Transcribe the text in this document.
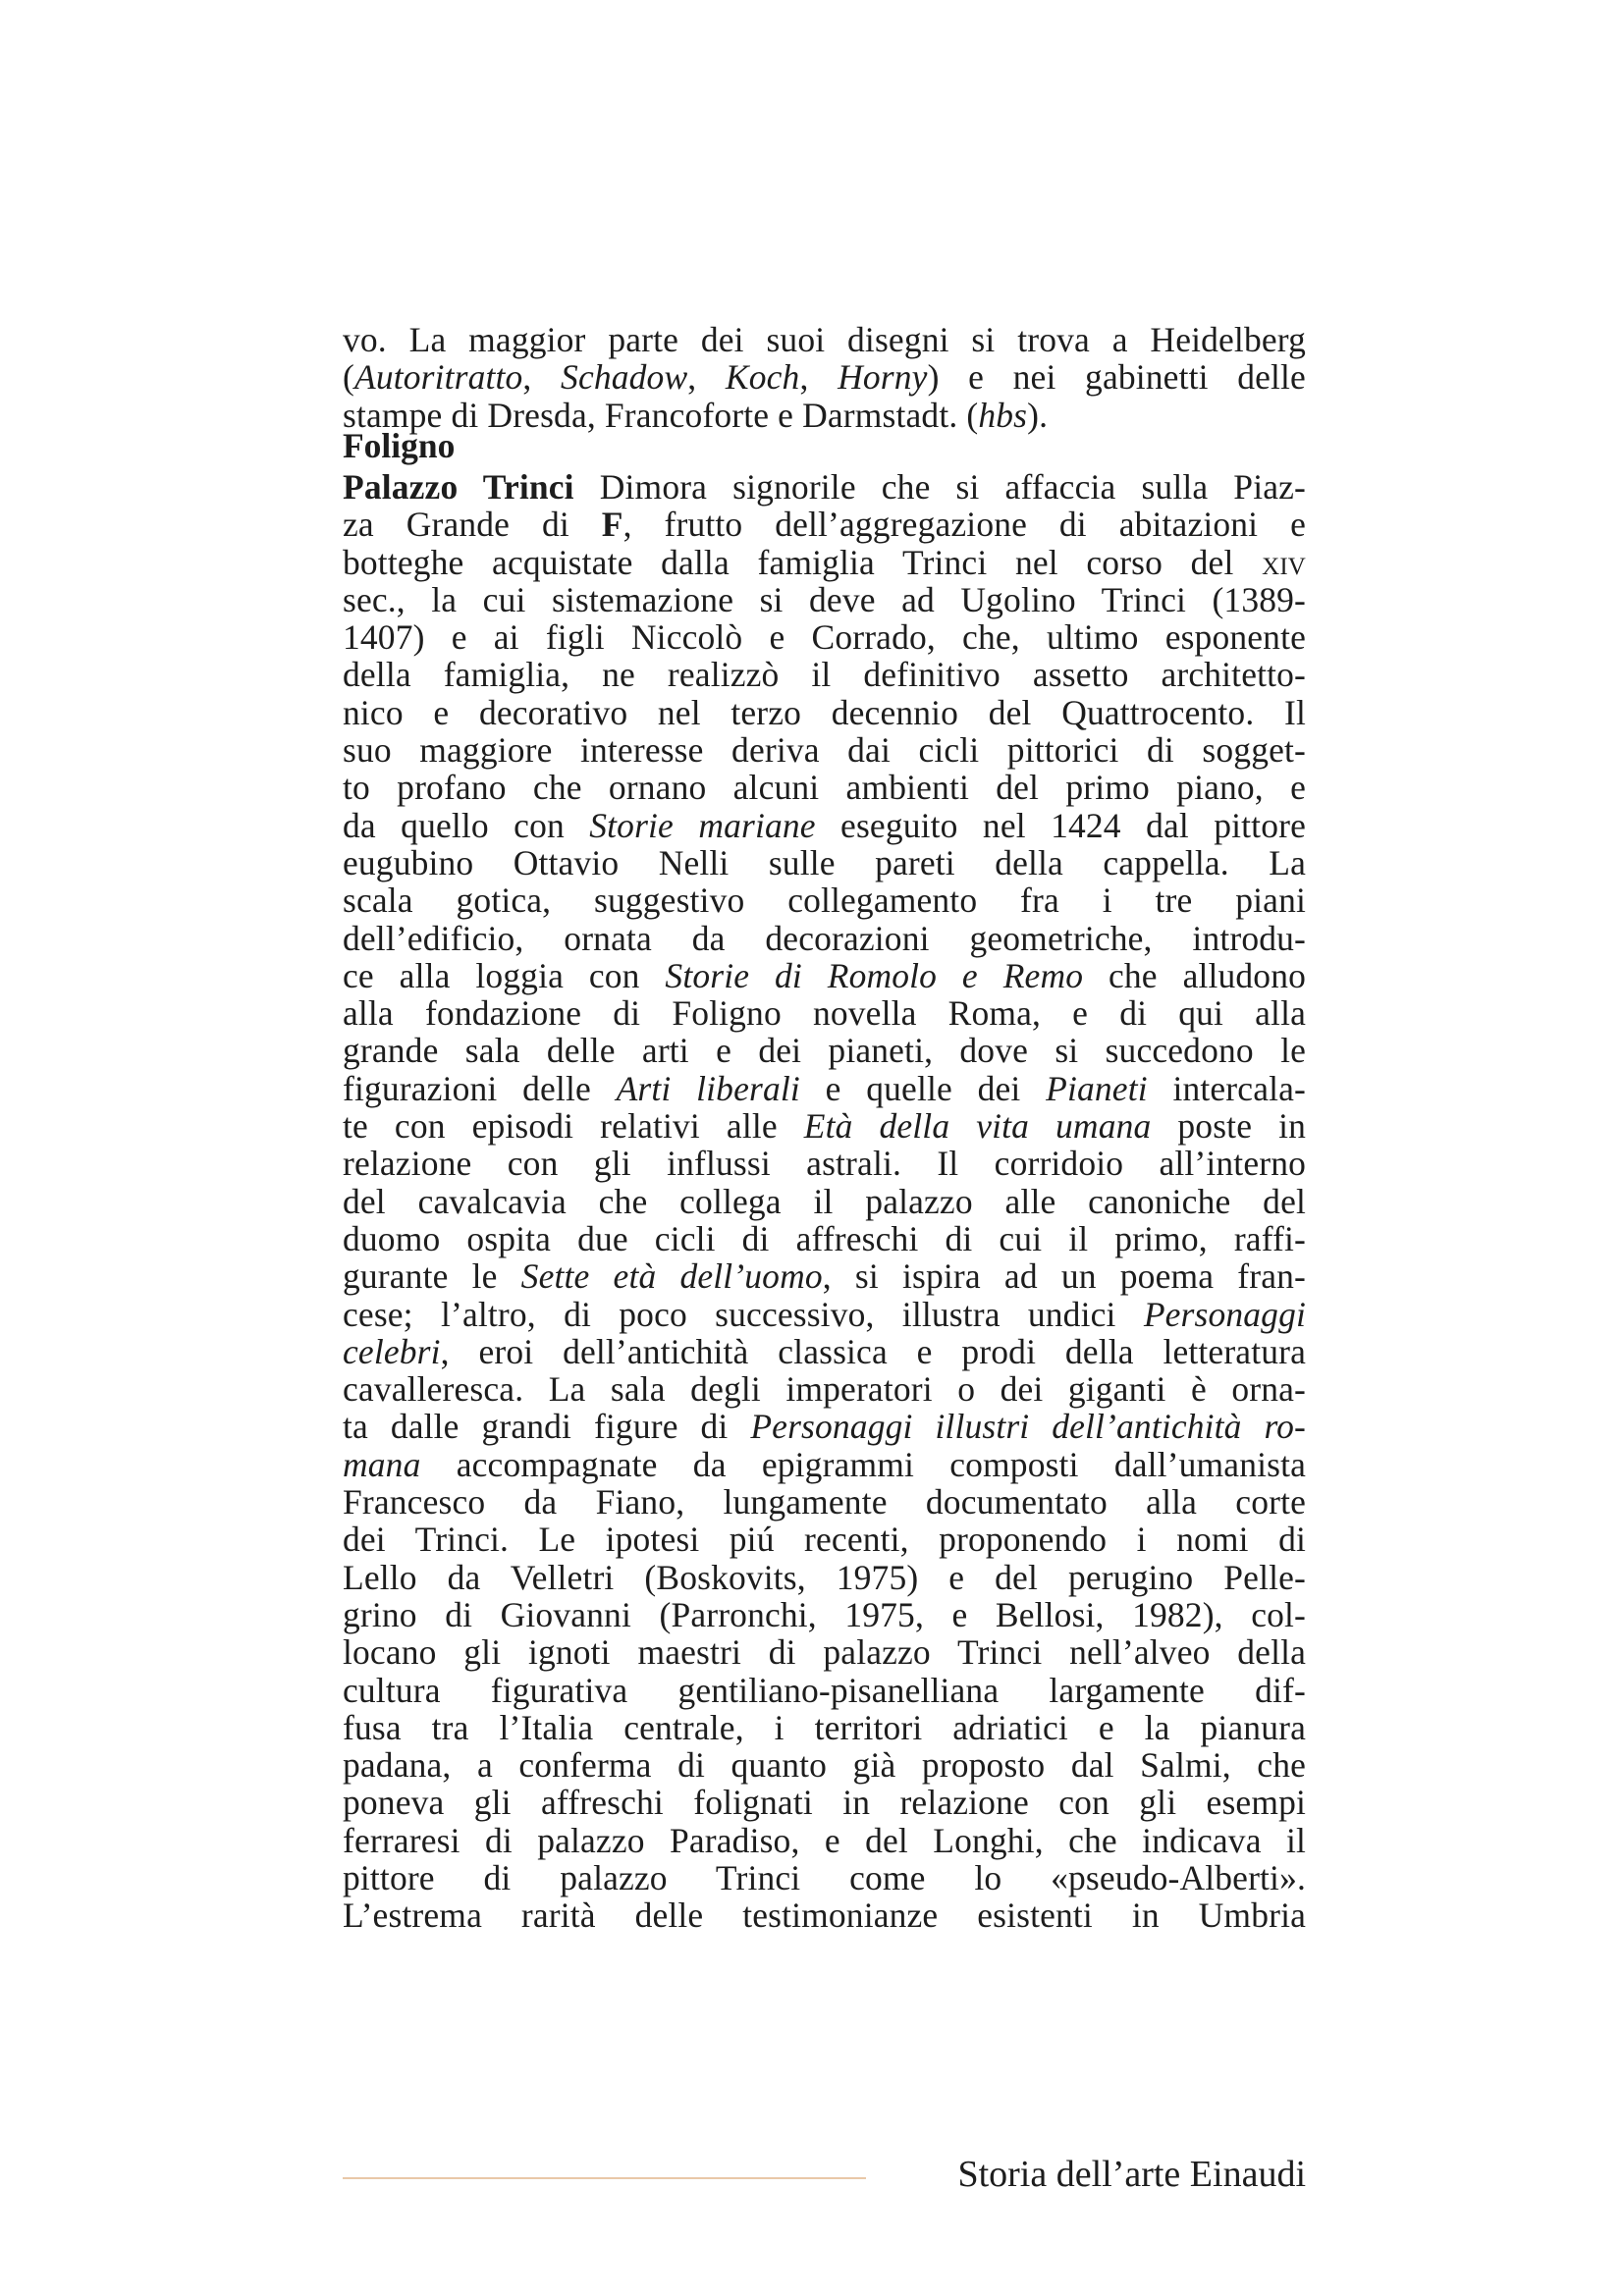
vo. La maggior parte dei suoi disegni si trova a Heidelberg
(Autoritratto, Schadow, Koch, Horny) e nei gabinetti delle
stampe di Dresda, Francoforte e Darmstadt. (hbs).
Foligno
Palazzo Trinci Dimora signorile che si affaccia sulla Piaz-
za Grande di F, frutto dell’aggregazione di abitazioni e
botteghe acquistate dalla famiglia Trinci nel corso del xiv
sec., la cui sistemazione si deve ad Ugolino Trinci (1389-
1407) e ai figli Niccolò e Corrado, che, ultimo esponente
della famiglia, ne realizzò il definitivo assetto architetto-
nico e decorativo nel terzo decennio del Quattrocento. Il
suo maggiore interesse deriva dai cicli pittorici di sogget-
to profano che ornano alcuni ambienti del primo piano, e
da quello con Storie mariane eseguito nel 1424 dal pittore
eugubino Ottavio Nelli sulle pareti della cappella. La
scala gotica, suggestivo collegamento fra i tre piani
dell’edificio, ornata da decorazioni geometriche, introdu-
ce alla loggia con Storie di Romolo e Remo che alludono
alla fondazione di Foligno novella Roma, e di qui alla
grande sala delle arti e dei pianeti, dove si succedono le
figurazioni delle Arti liberali e quelle dei Pianeti intercala-
te con episodi relativi alle Età della vita umana poste in
relazione con gli influssi astrali. Il corridoio all’interno
del cavalcavia che collega il palazzo alle canoniche del
duomo ospita due cicli di affreschi di cui il primo, raffi-
gurante le Sette età dell’uomo, si ispira ad un poema fran-
cese; l’altro, di poco successivo, illustra undici Personaggi
celebri, eroi dell’antichità classica e prodi della letteratura
cavalleresca. La sala degli imperatori o dei giganti è orna-
ta dalle grandi figure di Personaggi illustri dell’antichità ro-
mana accompagnate da epigrammi composti dall’umanista
Francesco da Fiano, lungamente documentato alla corte
dei Trinci. Le ipotesi piú recenti, proponendo i nomi di
Lello da Velletri (Boskovits, 1975) e del perugino Pelle-
grino di Giovanni (Parronchi, 1975, e Bellosi, 1982), col-
locano gli ignoti maestri di palazzo Trinci nell’alveo della
cultura figurativa gentiliano-pisanelliana largamente dif-
fusa tra l’Italia centrale, i territori adriatici e la pianura
padana, a conferma di quanto già proposto dal Salmi, che
poneva gli affreschi folignati in relazione con gli esempi
ferraresi di palazzo Paradiso, e del Longhi, che indicava il
pittore di palazzo Trinci come lo «pseudo-Alberti».
L’estrema rarità delle testimonianze esistenti in Umbria
Storia dell’arte Einaudi
